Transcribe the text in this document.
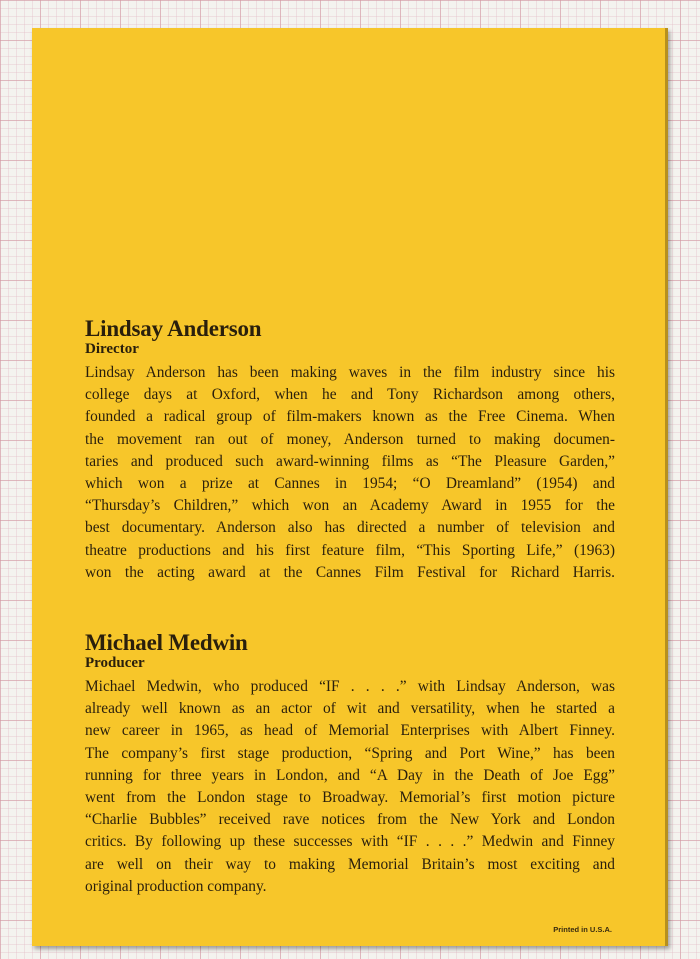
Lindsay Anderson
Director
Lindsay Anderson has been making waves in the film industry since his
college days at Oxford, when he and Tony Richardson among others,
founded a radical group of film-makers known as the Free Cinema. When
the movement ran out of money, Anderson turned to making documen-
taries and produced such award-winning films as “The Pleasure Garden,”
which won a prize at Cannes in 1954; “O Dreamland” (1954) and
“Thursday’s Children,” which won an Academy Award in 1955 for the
best documentary. Anderson also has directed a number of television and
theatre productions and his first feature film, “This Sporting Life,” (1963)
won the acting award at the Cannes Film Festival for Richard Harris.
Michael Medwin
Producer
Michael Medwin, who produced “IF . . . .” with Lindsay Anderson, was
already well known as an actor of wit and versatility, when he started a
new career in 1965, as head of Memorial Enterprises with Albert Finney.
The company’s first stage production, “Spring and Port Wine,” has been
running for three years in London, and “A Day in the Death of Joe Egg”
went from the London stage to Broadway. Memorial’s first motion picture
“Charlie Bubbles” received rave notices from the New York and London
critics. By following up these successes with “IF . . . .” Medwin and Finney
are well on their way to making Memorial Britain’s most exciting and
original production company.
Printed in U.S.A.
